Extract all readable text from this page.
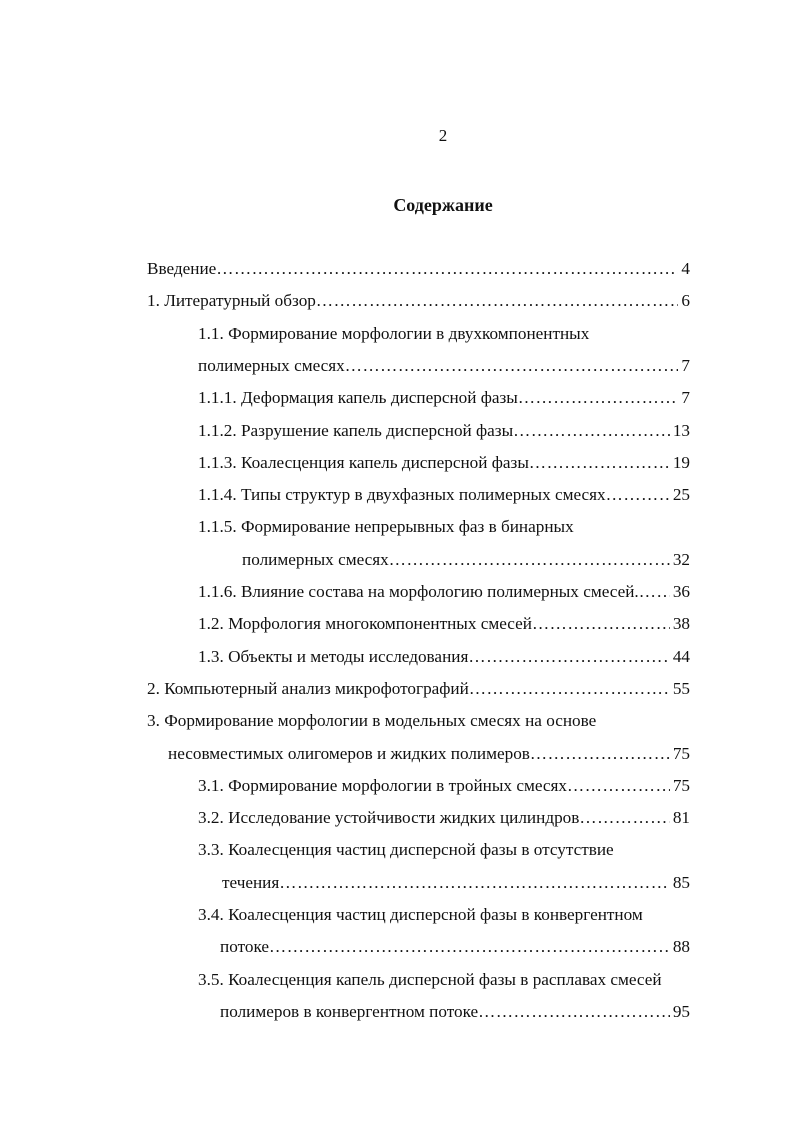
2
Содержание
Введение ……………………………………………………………………………………………………………………………………………………………	4
1. Литературный обзор ……………………………………………………………………………………………………………………………………………………………	6
1.1. Формирование морфологии в двухкомпонентных
полимерных смесях ……………………………………………………………………………………………………………………………………………………………	7
1.1.1. Деформация капель дисперсной фазы ……………………………………………………………………………………………………………………………………………………………	7
1.1.2. Разрушение капель дисперсной фазы ……………………………………………………………………………………………………………………………………………………………	13
1.1.3. Коалесценция капель дисперсной фазы ……………………………………………………………………………………………………………………………………………………………	19
1.1.4. Типы структур в двухфазных полимерных смесях ……………………………………………………………………………………………………………………………………………………………	25
1.1.5. Формирование непрерывных фаз в бинарных
полимерных смесях ……………………………………………………………………………………………………………………………………………………………	32
1.1.6. Влияние состава на морфологию полимерных смесей. …………………………………………………………………………………………………………………………………………………………… 36
1.2. Морфология многокомпонентных смесей ……………………………………………………………………………………………………………………………………………………………	38
1.3. Объекты и методы исследования ……………………………………………………………………………………………………………………………………………………………	44
2. Компьютерный анализ микрофотографий ……………………………………………………………………………………………………………………………………………………………	55
3. Формирование морфологии в модельных смесях на основе
несовместимых олигомеров и жидких полимеров ……………………………………………………………………………………………………………………………………………………………	75
3.1. Формирование морфологии в тройных смесях ……………………………………………………………………………………………………………………………………………………………	75
3.2. Исследование устойчивости жидких цилиндров ……………………………………………………………………………………………………………………………………………………………	81
3.3. Коалесценция частиц дисперсной фазы в отсутствие
течения ……………………………………………………………………………………………………………………………………………………………	85
3.4. Коалесценция частиц дисперсной фазы в конвергентном
потоке ……………………………………………………………………………………………………………………………………………………………	88
3.5. Коалесценция капель дисперсной фазы в расплавах смесей
полимеров в конвергентном потоке ……………………………………………………………………………………………………………………………………………………………	95
